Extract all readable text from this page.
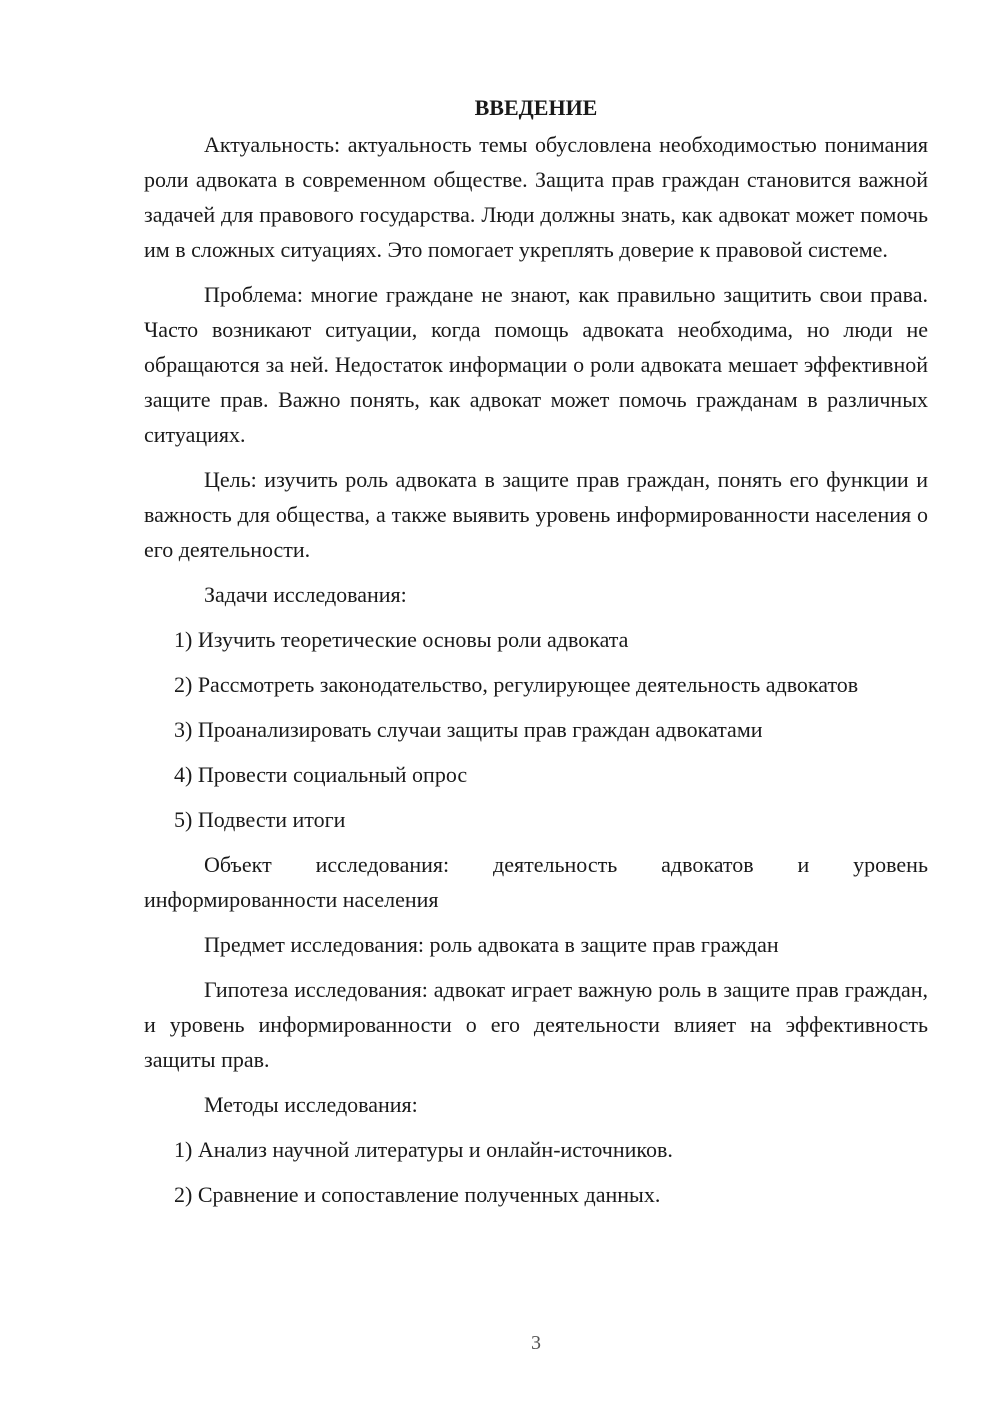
ВВЕДЕНИЕ

Актуальность: актуальность темы обусловлена необходимостью понимания роли адвоката в современном обществе. Защита прав граждан становится важной задачей для правового государства. Люди должны знать, как адвокат может помочь им в сложных ситуациях. Это помогает укреплять доверие к правовой системе.

Проблема: многие граждане не знают, как правильно защитить свои права. Часто возникают ситуации, когда помощь адвоката необходима, но люди не обращаются за ней. Недостаток информации о роли адвоката мешает эффективной защите прав. Важно понять, как адвокат может помочь гражданам в различных ситуациях.

Цель: изучить роль адвоката в защите прав граждан, понять его функции и важность для общества, а также выявить уровень информированности населения о его деятельности.

Задачи исследования:

1) Изучить теоретические основы роли адвоката

2) Рассмотреть законодательство, регулирующее деятельность адвокатов

3) Проанализировать случаи защиты прав граждан адвокатами

4) Провести социальный опрос

5) Подвести итоги

Объект исследования: деятельность адвокатов и уровень информированности населения

Предмет исследования: роль адвоката в защите прав граждан

Гипотеза исследования: адвокат играет важную роль в защите прав граждан, и уровень информированности о его деятельности влияет на эффективность защиты прав.

Методы исследования:

1) Анализ научной литературы и онлайн-источников.

2) Сравнение и сопоставление полученных данных.

3
